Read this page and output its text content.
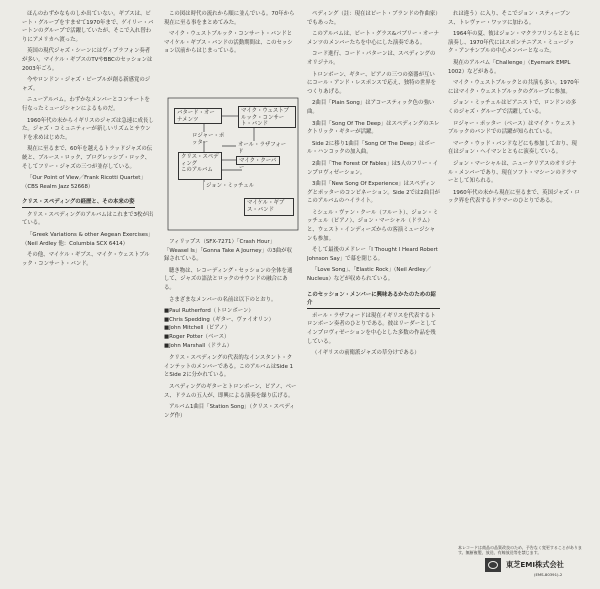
ほんのわずかなものしか出ていない。ギブスは、ビート・グループをすませて1970年まで、ゲイリー・バートンのグループで活躍していたが、そこで入れ替わりにアメリカへ渡った。

英国の現代ジャズ・シーンにはヴィブラフォン奏者が多い。マイケル・ギブスのTVやBBCのセッションは2003年ごろ。

今やロンドン・ジャズ・ビープルが創る新感覚のジャズ。

ニューアルバム。わずかなメンバーとコンサートを行なったミュージシャンによるものだ。

1960年代の末からイギリスのジャズは急速に成長した。ジャズ・コミュニティーが新しいリズムとサウンドを求めはじめた。

現在に至るまで、60年を越えるトラッドジャズの伝統と、ブルース・ロック、プログレッシブ・ロック、そしてフリー・ジャズの三つが並存している。

「Our Point of View／Frank Ricotti Quartet」（CBS Realm Jazz 52668）

クリス・スペディングの経歴と、その本来の姿

クリス・スペディングのアルバムはこれまで3枚が出ている。

「Greek Variations & other Aegean Exercises」（Neil Ardley 他：Columbia SCX 6414）

その他、マイケル・ギブス、マイク・ウェストブルック・コンサート・バンド。

この図は時代の流れから順に並んでいる。70年から現在に至る事をまとめてみた。

マイク・ウェストブルック・コンサート・バンドとマイケル・ギブス・バンドの活動期間は、このセッション以前からはじまっている。

バタード・オーナメンツ
マイク・ウェストブルック・コンサート・バンド
ロジャー・ポッター	オール・ラザフォード
クリス・スペディング
このアルバム
マイク・クーパー
ジョン・ミッチェル
マイケル・ギブス・バンド

フィリップス（SFX-7271）「Crash Hour」「Weasel Is」「Gonna Take A Journey」の3曲が収録されている。

聴き物は、レコーディング・セッションの全体を通して、ジャズの語法とロックのサウンドの融合にある。

さまざまなメンバーの名前は以下のとおり。

■Paul Rutherford（トロンボーン）
■Chris Spedding（ギター、ヴァイオリン）
■John Mitchell（ピアノ）
■Roger Potter（ベース）
■John Marshall（ドラム）

クリス・スペディングの代表的なインスタント・クインテットのメンバーである。このアルバムはSide 1とSide 2に分かれている。

スペディングのギターとトロンボーン、ピアノ、ベース、ドラムの五人が、即興による演奏を繰り広げる。

アルバム1曲目「Station Song」（クリス・スペディング作）

ペディング（註：現在はビート・ブランドの作曲家）でもあった。

このアルバムは、ビート・グラス&パブリー・オーナメンツのメンバーたちを中心にした演奏である。

コード進行、コード・パターンは、スペディングのオリジナル。

トロンボーン、ギター、ピアノの三つの楽器が互いにコール・アンド・レスポンスで応え、独特の世界をつくりあげる。

2曲目「Plain Song」はアコースティック色の強い曲。

3曲目「Song Of The Deep」はスペディングのエレクトリック・ギターが活躍。

Side 2に移り1曲目「Song Of The Deep」はボール・ハンコックの加入曲。

2曲目「The Forest Of Fables」は5人のフリー・インプロヴィゼーション。

3曲目「New Song Of Experience」はスペディングとポッターのコンビネーション。Side 2では2曲目がこのアルバムのハイライト。

ミシェル・ヴァン・クール（フルート）、ジョン・ミッチェル（ピアノ）、ジョン・マーシャル（ドラム）と、ウェスト・インディーズからの客演ミュージシャンも参加。

そして最後のメドレー「I Thought I Heard Robert Johnson Say」で幕を閉じる。

「Love Song」、「Elastic Rock」（Neil Ardley／Nucleus）などが収められている。

このセッション・メンバーに興味あるかたのための紹介

ポール・ラザフォードは現在イギリスを代表するトロンボーン奏者のひとりである。彼はリーダーとしてインプロヴィゼーションを中心とした多数の作品を残している。

（イギリスの前衛派ジャズの草分けである）

れは違う）に入り、そこでジョン・スティーブンス、トレヴァー・ワッツに加わる。

1964年の夏、彼はジョン・マクラフリンらとともに演奏し、1970年代にはスポンテニアス・ミュージック・アンサンブルの中心メンバーとなった。

現在のアルバム「Challenge」（Eyemark EMPL 1002）などがある。

マイク・ウェストブルックとの共演も多い。1970年にはマイク・ウェストブルックのグループに参加。

ジョン・ミッチェルはピアニストで、ロンドンの多くのジャズ・グループで活躍している。

ロジャー・ポッター（ベース）はマイク・ウェストブルックのバンドでの活躍が知られている。

マーク・ウッド・バンドなどにも参加しており、現在はジョン・ヘイマンとともに演奏している。

ジョン・マーシャルは、ニュークリアスのオリジナル・メンバーであり、現在ソフト・マシーンのドラマーとして知られる。

1960年代の末から現在に至るまで、英国ジャズ・ロック界を代表するドラマーのひとりである。

本レコードは商品の品質改良のため、予告なく変更することがあります。無断複製、放送、有線放送等を禁じます。
東芝EMI株式会社
(EMS-80391)-2
